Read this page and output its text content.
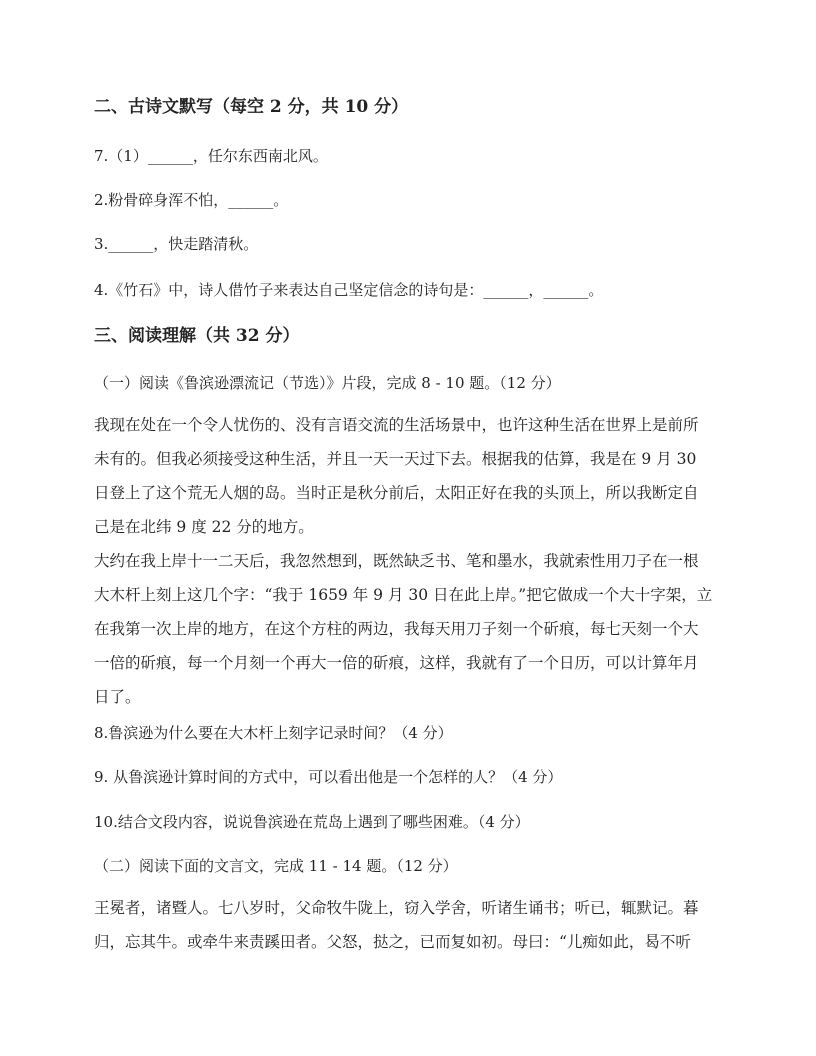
二、古诗文默写（每空 2 分，共 10 分）
7.（1）______，任尔东西南北风。
2.粉骨碎身浑不怕，______。
3.______，快走踏清秋。
4.《竹石》中，诗人借竹子来表达自己坚定信念的诗句是：______，______。
三、阅读理解（共 32 分）
（一）阅读《鲁滨逊漂流记（节选）》片段，完成 8 - 10 题。（12 分）
我现在处在一个令人忧伤的、没有言语交流的生活场景中，也许这种生活在世界上是前所
未有的。但我必须接受这种生活，并且一天一天过下去。根据我的估算，我是在 9 月 30
日登上了这个荒无人烟的岛。当时正是秋分前后，太阳正好在我的头顶上，所以我断定自
己是在北纬 9 度 22 分的地方。
大约在我上岸十一二天后，我忽然想到，既然缺乏书、笔和墨水，我就索性用刀子在一根
大木杆上刻上这几个字：“我于 1659 年 9 月 30 日在此上岸。”把它做成一个大十字架，立
在我第一次上岸的地方，在这个方柱的两边，我每天用刀子刻一个斫痕，每七天刻一个大
一倍的斫痕，每一个月刻一个再大一倍的斫痕，这样，我就有了一个日历，可以计算年月
日了。
8.鲁滨逊为什么要在大木杆上刻字记录时间？（4 分）
9. 从鲁滨逊计算时间的方式中，可以看出他是一个怎样的人？（4 分）
10.结合文段内容，说说鲁滨逊在荒岛上遇到了哪些困难。（4 分）
（二）阅读下面的文言文，完成 11 - 14 题。（12 分）
王冕者，诸暨人。七八岁时，父命牧牛陇上，窃入学舍，听诸生诵书；听已，辄默记。暮
归，忘其牛。或牵牛来责蹊田者。父怒，挞之，已而复如初。母曰：“儿痴如此，曷不听
